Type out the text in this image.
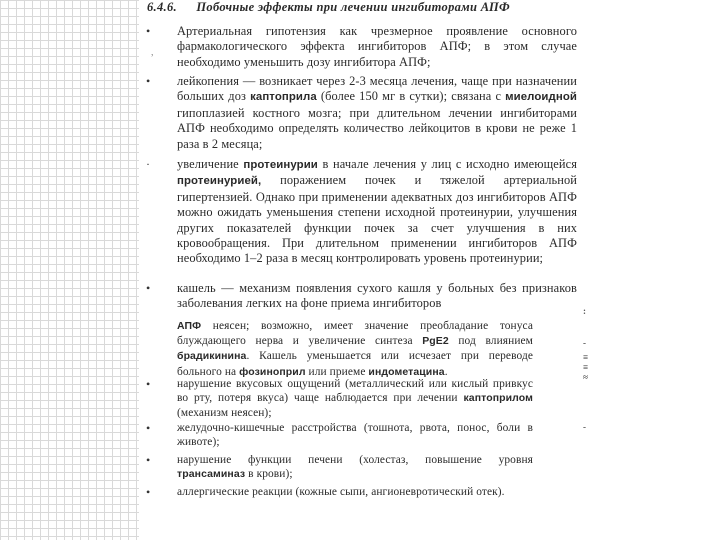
6.4.6. Побочные эффекты при лечении ингибиторами АПФ
• Артериальная гипотензия как чрезмерное проявление основного фармакологического эффекта ингибиторов АПФ; в этом случае необходимо уменьшить дозу ингибитора АПФ;
• лейкопения — возникает через 2-3 месяца лечения, чаще при назначении больших доз каптоприла (более 150 мг в сутки); связана с миелоидной гипоплазией костного мозга; при длительном лечении ингибиторами АПФ необходимо определять количество лейкоцитов в крови не реже 1 раза в 2 месяца;
· увеличение протеинурии в начале лечения у лиц с исходно имеющейся протеинурией, поражением почек и тяжелой артериальной гипертензией. Однако при применении адекватных доз ингибиторов АПФ можно ожидать уменьшения степени исходной протеинурии, улучшения других показателей функции почек за счет улучшения в них кровообращения. При длительном применении ингибиторов АПФ необходимо 1–2 раза в месяц контролировать уровень протеинурии;
• кашель — механизм появления сухого кашля у больных без признаков заболевания легких на фоне приема ингибиторов
АПФ неясен; возможно, имеет значение преобладание тонуса блуждающего нерва и увеличение синтеза PgE2 под влиянием брадикинина. Кашель уменьшается или исчезает при переводе больного на фозиноприл или приеме индометацина.
• нарушение вкусовых ощущений (металлический или кислый привкус во рту, потеря вкуса) чаще наблюдается при лечении каптоприлом (механизм неясен);
• желудочно-кишечные расстройства (тошнота, рвота, понос, боли в животе);
• нарушение функции печени (холестаз, повышение уровня трансаминаз в крови);
• аллергические реакции (кожные сыпи, ангионевротический отек).
,
:
-
≡
≡
≈
-
